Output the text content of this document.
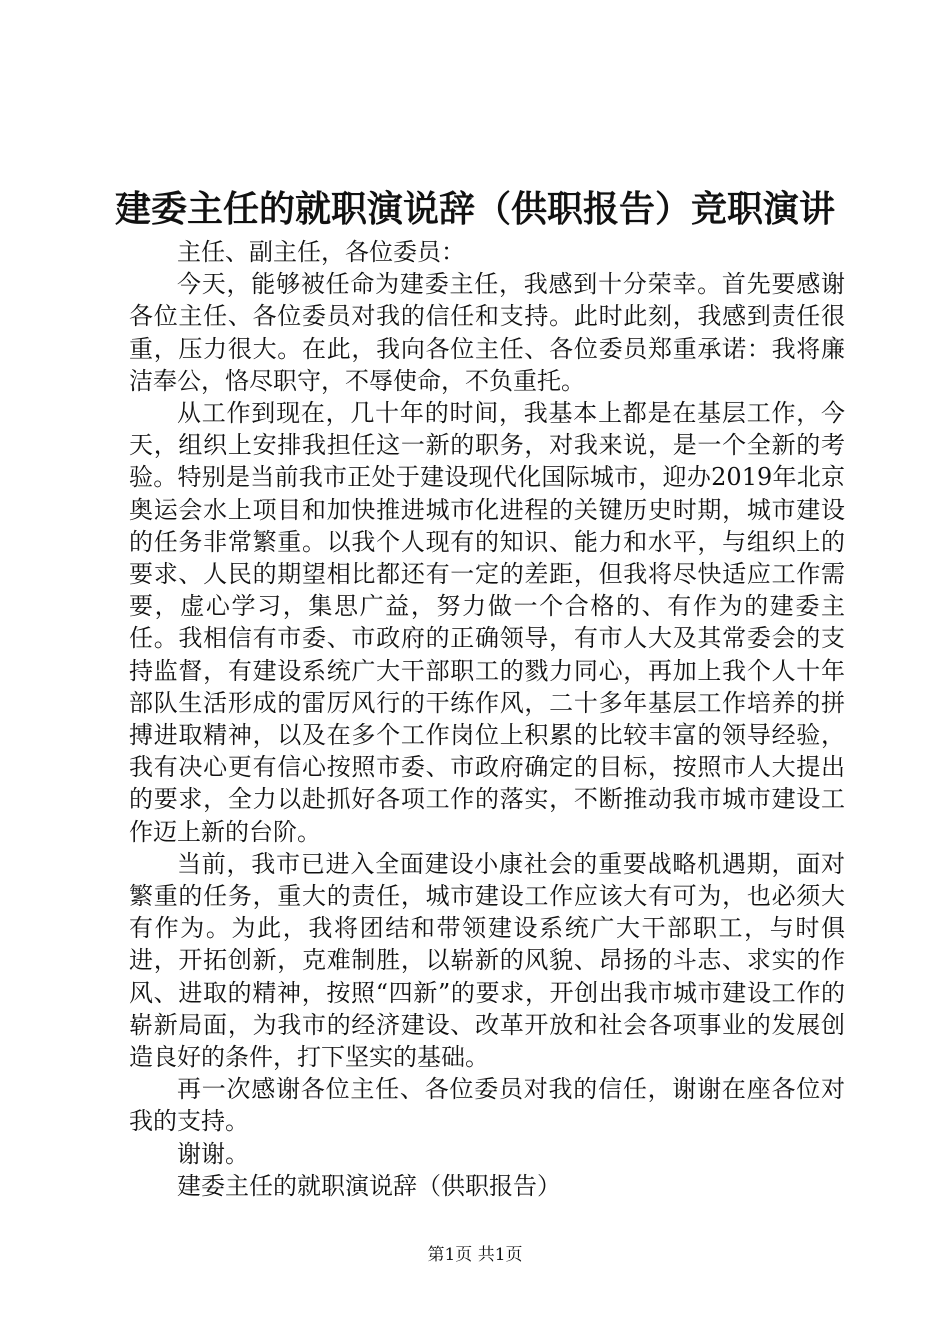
建委主任的就职演说辞（供职报告）竞职演讲

主任、副主任，各位委员：

今天，能够被任命为建委主任，我感到十分荣幸。首先要感谢各位主任、各位委员对我的信任和支持。此时此刻，我感到责任很重，压力很大。在此，我向各位主任、各位委员郑重承诺：我将廉洁奉公，恪尽职守，不辱使命，不负重托。

从工作到现在，几十年的时间，我基本上都是在基层工作，今天，组织上安排我担任这一新的职务，对我来说，是一个全新的考验。特别是当前我市正处于建设现代化国际城市，迎办2019年北京奥运会水上项目和加快推进城市化进程的关键历史时期，城市建设的任务非常繁重。以我个人现有的知识、能力和水平，与组织上的要求、人民的期望相比都还有一定的差距，但我将尽快适应工作需要，虚心学习，集思广益，努力做一个合格的、有作为的建委主任。我相信有市委、市政府的正确领导，有市人大及其常委会的支持监督，有建设系统广大干部职工的戮力同心，再加上我个人十年部队生活形成的雷厉风行的干练作风，二十多年基层工作培养的拼搏进取精神，以及在多个工作岗位上积累的比较丰富的领导经验，我有决心更有信心按照市委、市政府确定的目标，按照市人大提出的要求，全力以赴抓好各项工作的落实，不断推动我市城市建设工作迈上新的台阶。

当前，我市已进入全面建设小康社会的重要战略机遇期，面对繁重的任务，重大的责任，城市建设工作应该大有可为，也必须大有作为。为此，我将团结和带领建设系统广大干部职工，与时俱进，开拓创新，克难制胜，以崭新的风貌、昂扬的斗志、求实的作风、进取的精神，按照“四新”的要求，开创出我市城市建设工作的崭新局面，为我市的经济建设、改革开放和社会各项事业的发展创造良好的条件，打下坚实的基础。

再一次感谢各位主任、各位委员对我的信任，谢谢在座各位对我的支持。

谢谢。

建委主任的就职演说辞（供职报告）

第1页 共1页
